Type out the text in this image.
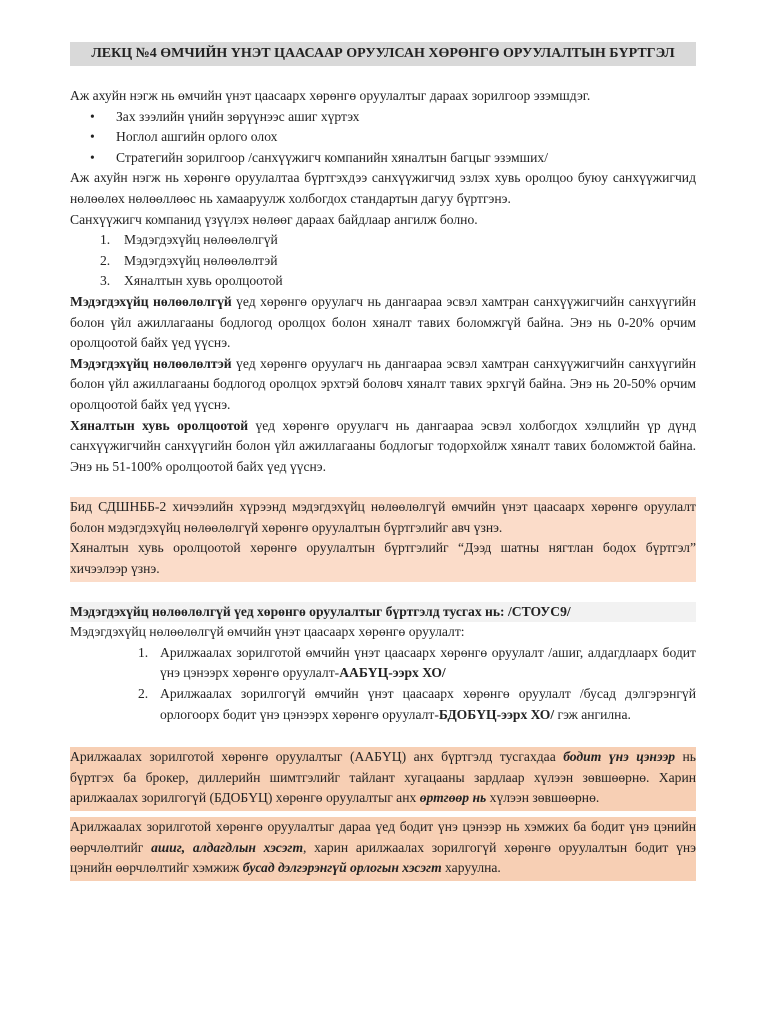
ЛЕКЦ №4 ӨМЧИЙН ҮНЭТ ЦААСААР ОРУУЛСАН ХӨРӨНГӨ ОРУУЛАЛТЫН БҮРТГЭЛ

Аж ахуйн нэгж нь өмчийн үнэт цаасаарх хөрөнгө оруулалтыг дараах зорилгоор эзэмшдэг.

• Зах зээлийн үнийн зөрүүнээс ашиг хүртэх
• Ноглол ашгийн орлого олох
• Стратегийн зорилгоор /санхүүжигч компанийн хяналтын багцыг эзэмших/

Аж ахуйн нэгж нь хөрөнгө оруулалтаа бүртгэхдээ санхүүжигчид эзлэх хувь оролцоо буюу санхүүжигчид нөлөөлөх нөлөөллөөс нь хамааруулж холбогдох стандартын дагуу бүртгэнэ.

Санхүүжигч компанид үзүүлэх нөлөөг дараах байдлаар ангилж болно.

1. Мэдэгдэхүйц нөлөөлөлгүй
2. Мэдэгдэхүйц нөлөөлөлтэй
3. Хяналтын хувь оролцоотой

Мэдэгдэхүйц нөлөөлөлгүй үед хөрөнгө оруулагч нь дангаараа эсвэл хамтран санхүүжигчийн санхүүгийн болон үйл ажиллагааны бодлогод оролцох болон хяналт тавих боломжгүй байна. Энэ нь 0-20% орчим оролцоотой байх үед үүснэ.

Мэдэгдэхүйц нөлөөлөлтэй үед хөрөнгө оруулагч нь дангаараа эсвэл хамтран санхүүжигчийн санхүүгийн болон үйл ажиллагааны бодлогод оролцох эрхтэй боловч хяналт тавих эрхгүй байна. Энэ нь 20-50% орчим оролцоотой байх үед үүснэ.

Хяналтын хувь оролцоотой үед хөрөнгө оруулагч нь дангаараа эсвэл холбогдох хэлцлийн үр дүнд санхүүжигчийн санхүүгийн болон үйл ажиллагааны бодлогыг тодорхойлж хяналт тавих боломжтой байна. Энэ нь 51-100% оролцоотой байх үед үүснэ.

Бид СДШНББ-2 хичээлийн хүрээнд мэдэгдэхүйц нөлөөлөлгүй өмчийн үнэт цаасаарх хөрөнгө оруулалт болон мэдэгдэхүйц нөлөөлөлгүй хөрөнгө оруулалтын бүртгэлийг авч үзнэ.

Хяналтын хувь оролцоотой хөрөнгө оруулалтын бүртгэлийг “Дээд шатны нягтлан бодох бүртгэл” хичээлээр үзнэ.

Мэдэгдэхүйц нөлөөлөлгүй үед хөрөнгө оруулалтыг бүртгэлд тусгах нь: /СТОУС9/

Мэдэгдэхүйц нөлөөлөлгүй өмчийн үнэт цаасаарх хөрөнгө оруулалт:

1. Арилжаалах зорилготой өмчийн үнэт цаасаарх хөрөнгө оруулалт /ашиг, алдагдлаарх бодит үнэ цэнээрх хөрөнгө оруулалт-ААБҮЦ-ээрх ХО/
2. Арилжаалах зорилгогүй өмчийн үнэт цаасаарх хөрөнгө оруулалт /бусад дэлгэрэнгүй орлогоорх бодит үнэ цэнээрх хөрөнгө оруулалт-БДОБҮЦ-ээрх ХО/ гэж ангилна.

Арилжаалах зорилготой хөрөнгө оруулалтыг (ААБҮЦ) анх бүртгэлд тусгахдаа бодит үнэ цэнээр нь бүртгэх ба брокер, диллерийн шимтгэлийг тайлант хугацааны зардлаар хүлээн зөвшөөрнө. Харин арилжаалах зорилгогүй (БДОБҮЦ) хөрөнгө оруулалтыг анх өртгөөр нь хүлээн зөвшөөрнө.

Арилжаалах зорилготой хөрөнгө оруулалтыг дараа үед бодит үнэ цэнээр нь хэмжих ба бодит үнэ цэнийн өөрчлөлтийг ашиг, алдагдлын хэсэгт, харин арилжаалах зорилгогүй хөрөнгө оруулалтын бодит үнэ цэнийн өөрчлөлтийг хэмжиж бусад дэлгэрэнгүй орлогын хэсэгт харуулна.
